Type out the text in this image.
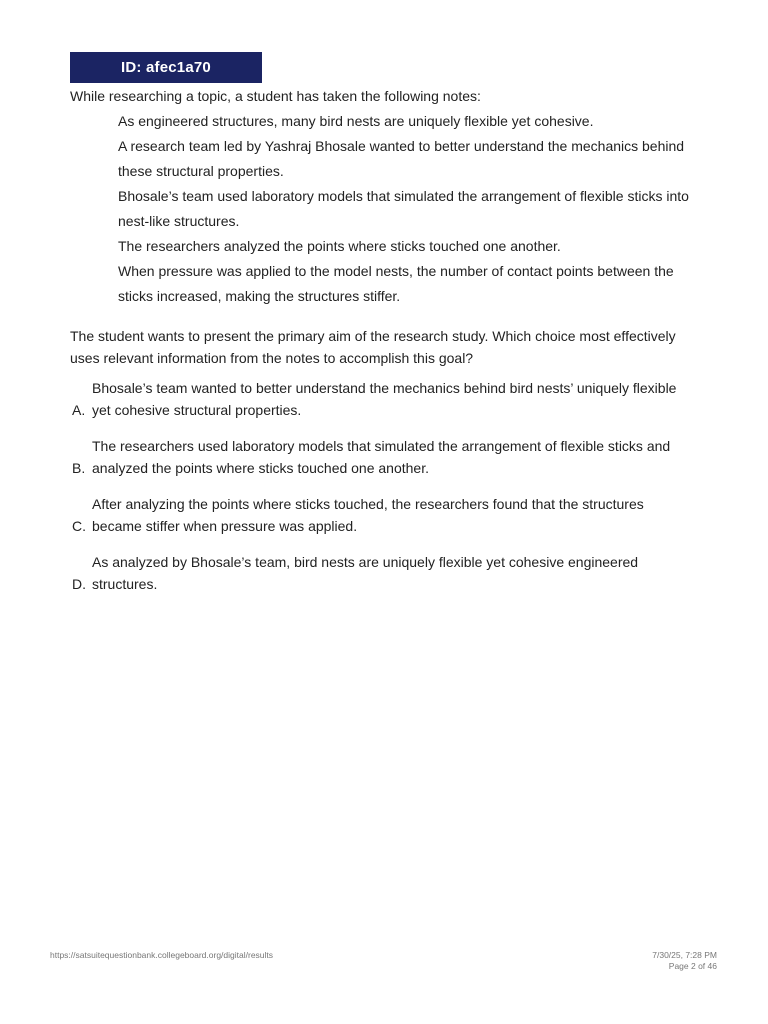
ID: afec1a70
While researching a topic, a student has taken the following notes:
As engineered structures, many bird nests are uniquely flexible yet cohesive.
A research team led by Yashraj Bhosale wanted to better understand the mechanics behind these structural properties.
Bhosale’s team used laboratory models that simulated the arrangement of flexible sticks into nest-like structures.
The researchers analyzed the points where sticks touched one another.
When pressure was applied to the model nests, the number of contact points between the sticks increased, making the structures stiffer.
The student wants to present the primary aim of the research study. Which choice most effectively uses relevant information from the notes to accomplish this goal?
A.
Bhosale’s team wanted to better understand the mechanics behind bird nests’ uniquely flexible yet cohesive structural properties.
B.
The researchers used laboratory models that simulated the arrangement of flexible sticks and analyzed the points where sticks touched one another.
C.
After analyzing the points where sticks touched, the researchers found that the structures became stiffer when pressure was applied.
D.
As analyzed by Bhosale’s team, bird nests are uniquely flexible yet cohesive engineered structures.
https://satsuitequestionbank.collegeboard.org/digital/results	7/30/25, 7:28 PM
Page 2 of 46
